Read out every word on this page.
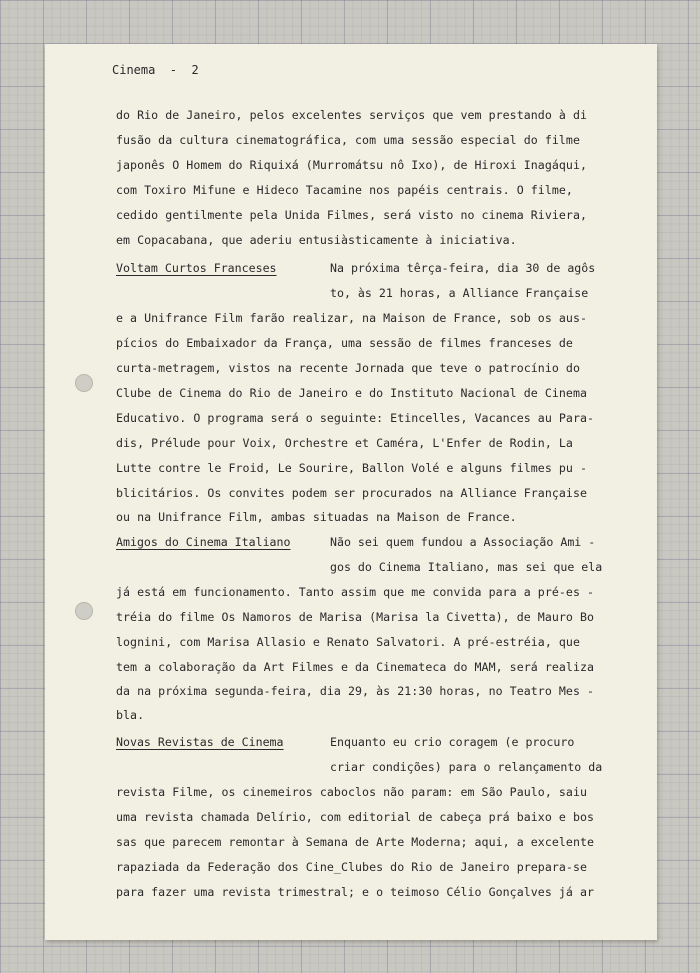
Cinema  -  2
do Rio de Janeiro, pelos excelentes serviços que vem prestando à di
fusão da cultura cinematográfica, com uma sessão especial do filme
japonês O Homem do Riquixá (Murromátsu nô Ixo), de Hiroxi Inagáqui,
com Toxiro Mifune e Hideco Tacamine nos papéis centrais. O filme,
cedido gentilmente pela Unida Filmes, será visto no cinema Riviera,
em Copacabana, que aderiu entusiàsticamente à iniciativa.
Voltam Curtos Franceses	Na próxima têrça-feira, dia 30 de agôs
to, às 21 horas, a Alliance Française
e a Unifrance Film farão realizar, na Maison de France, sob os aus-
pícios do Embaixador da França, uma sessão de filmes franceses de
curta-metragem, vistos na recente Jornada que teve o patrocínio do
Clube de Cinema do Rio de Janeiro e do Instituto Nacional de Cinema
Educativo. O programa será o seguinte: Etincelles, Vacances au Para-
dis, Prélude pour Voix, Orchestre et Caméra, L'Enfer de Rodin, La
Lutte contre le Froid, Le Sourire, Ballon Volé e alguns filmes pu -
blicitários. Os convites podem ser procurados na Alliance Française
ou na Unifrance Film, ambas situadas na Maison de France.
Amigos do Cinema Italiano	Não sei quem fundou a Associação Ami -
gos do Cinema Italiano, mas sei que ela
já está em funcionamento. Tanto assim que me convida para a pré-es -
tréia do filme Os Namoros de Marisa (Marisa la Civetta), de Mauro Bo
lognini, com Marisa Allasio e Renato Salvatori. A pré-estréia, que
tem a colaboração da Art Filmes e da Cinemateca do MAM, será realiza
da na próxima segunda-feira, dia 29, às 21:30 horas, no Teatro Mes -
bla.
Novas Revistas de Cinema	Enquanto eu crio coragem (e procuro
criar condições) para o relançamento da
revista Filme, os cinemeiros caboclos não param: em São Paulo, saiu
uma revista chamada Delírio, com editorial de cabeça prá baixo e bos
sas que parecem remontar à Semana de Arte Moderna; aqui, a excelente
rapaziada da Federação dos Cine_Clubes do Rio de Janeiro prepara-se
para fazer uma revista trimestral; e o teimoso Célio Gonçalves já ar
